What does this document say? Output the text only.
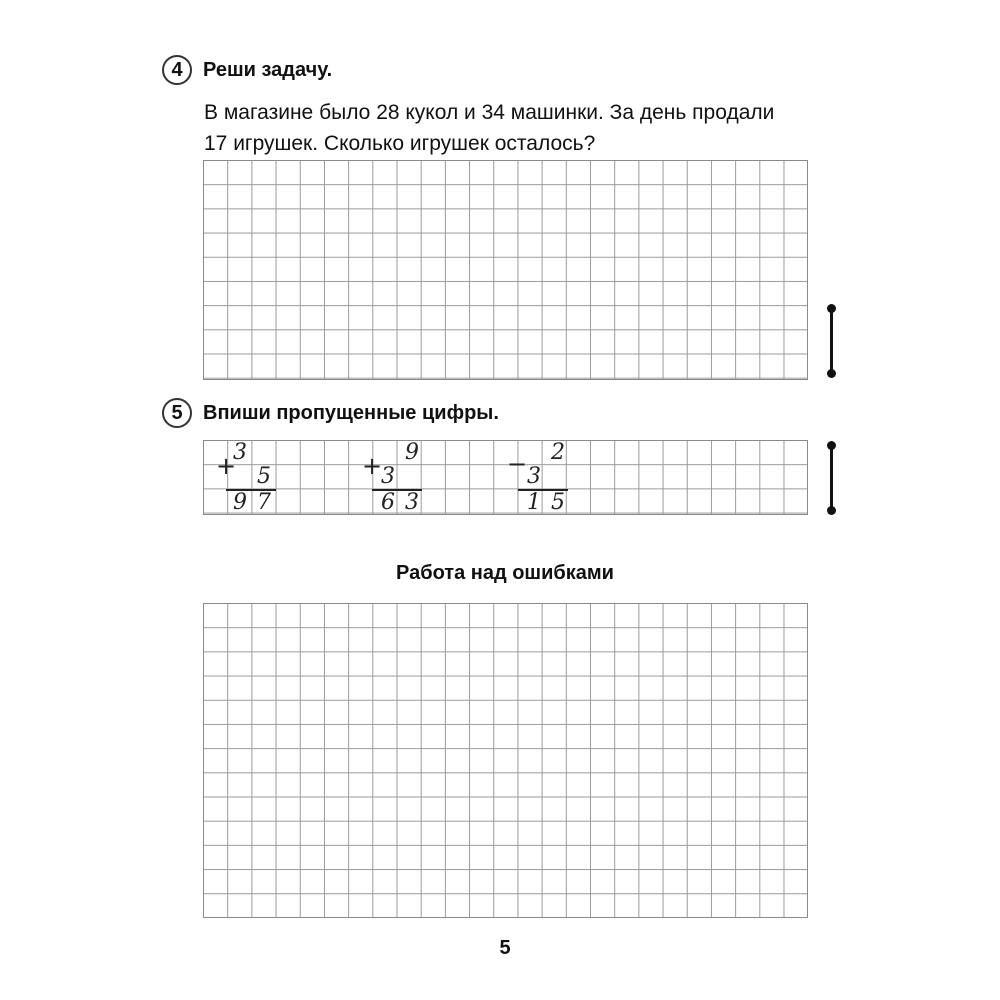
4	Реши задачу.
В магазине было 28 кукол и 34 машинки. За день продали
17 игрушек. Сколько игрушек осталось?
5	Впиши пропущенные цифры.
+
3
5
9 7
+ 9
3
6 3
− 2
3
1 5
Работа над ошибками
5
